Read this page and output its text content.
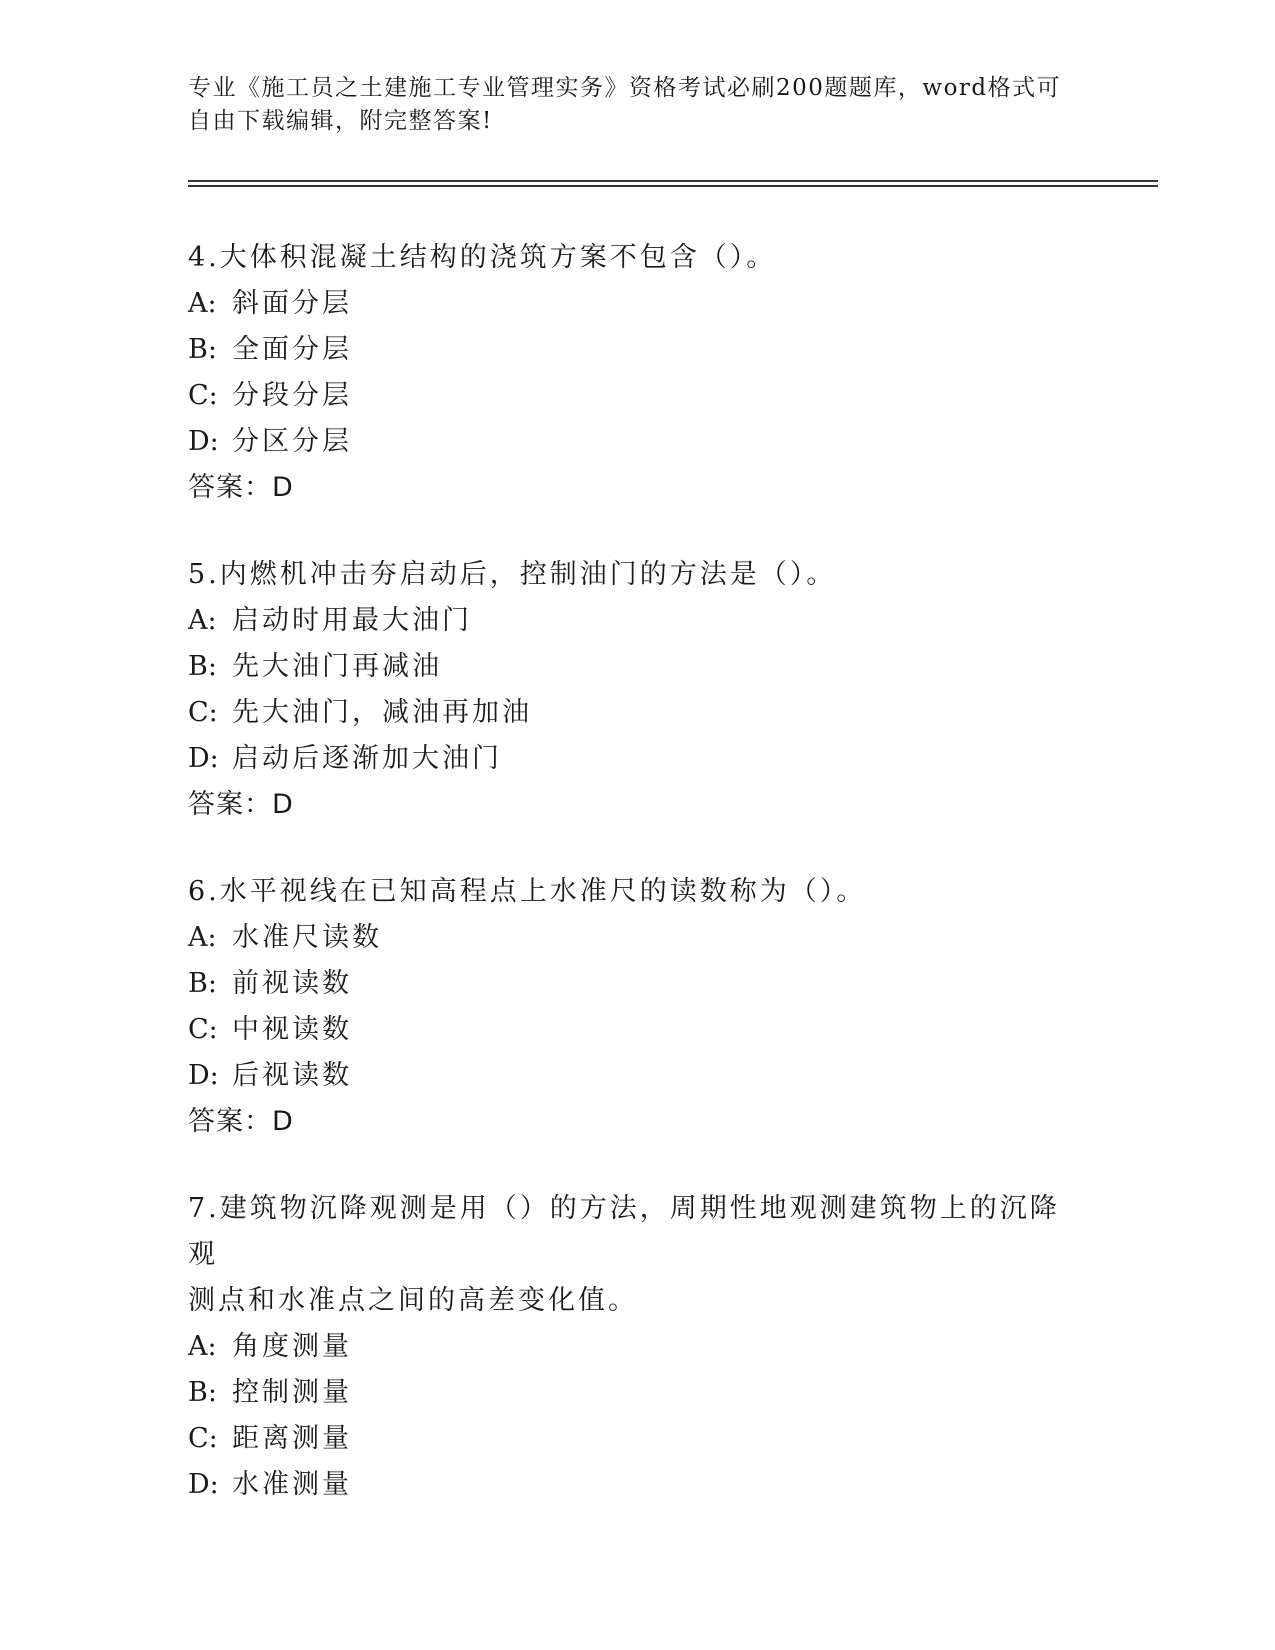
专业《施工员之土建施工专业管理实务》资格考试必刷200题题库，word格式可
自由下载编辑，附完整答案!

4.大体积混凝土结构的浇筑方案不包含（）。

A: 斜面分层

B: 全面分层

C: 分段分层

D: 分区分层

答案：D

5.内燃机冲击夯启动后，控制油门的方法是（）。

A: 启动时用最大油门

B: 先大油门再减油

C: 先大油门，减油再加油

D: 启动后逐渐加大油门

答案：D

6.水平视线在已知高程点上水准尺的读数称为（）。

A: 水准尺读数

B: 前视读数

C: 中视读数

D: 后视读数

答案：D

7.建筑物沉降观测是用（）的方法，周期性地观测建筑物上的沉降观

测点和水准点之间的高差变化值。

A: 角度测量

B: 控制测量

C: 距离测量

D: 水准测量
